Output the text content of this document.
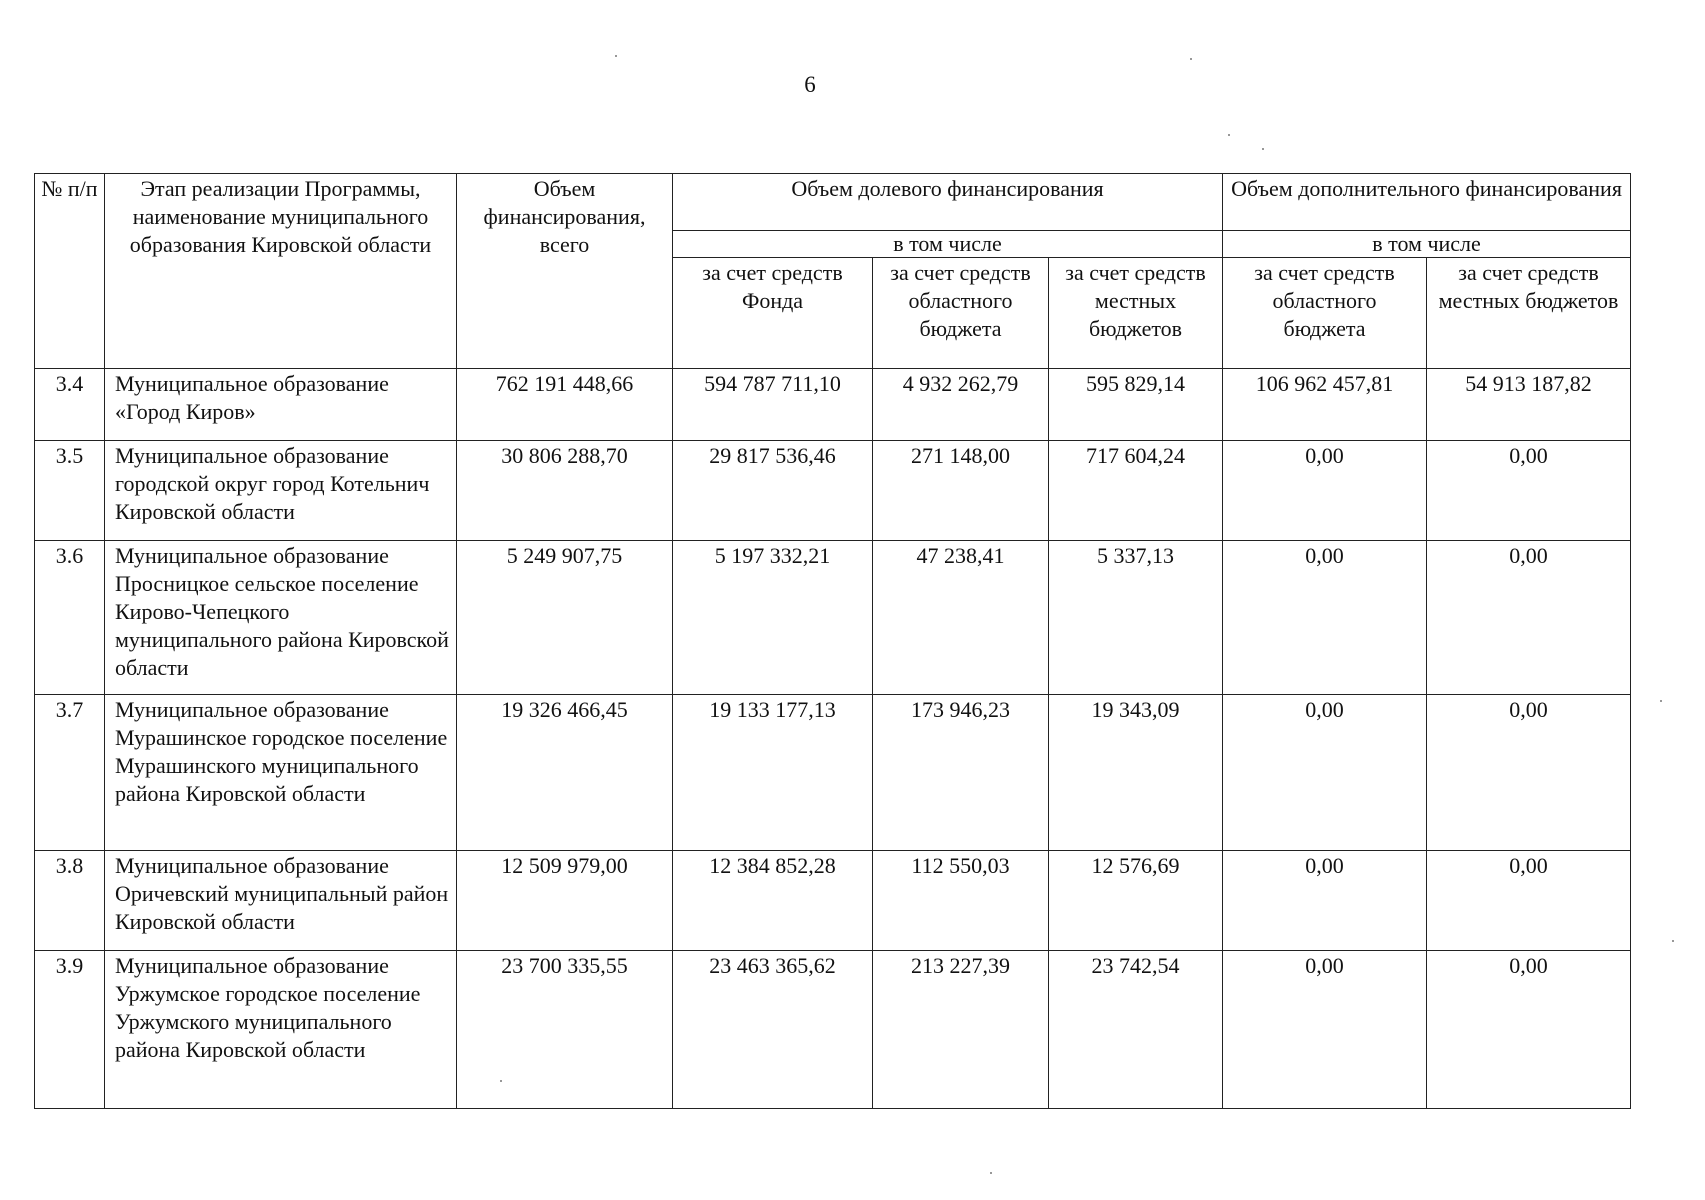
6
№ п/п	Этап реализации Программы, наименование муниципального образования Кировской области	Объем финансирования, всего	Объем долевого финансирования			Объем дополнительного финансирования	
			в том числе			в том числе	
			за счет средств Фонда	за счет средств областного бюджета	за счет средств местных бюджетов	за счет средств областного бюджета	за счет средств местных бюджетов
3.4	Муниципальное образование «Город Киров»	762 191 448,66	594 787 711,10	4 932 262,79	595 829,14	106 962 457,81	54 913 187,82
3.5	Муниципальное образование городской округ город Котельнич Кировской области	30 806 288,70	29 817 536,46	271 148,00	717 604,24	0,00	0,00
3.6	Муниципальное образование Просницкое сельское поселение Кирово-Чепецкого муниципального района Кировской области	5 249 907,75	5 197 332,21	47 238,41	5 337,13	0,00	0,00
3.7	Муниципальное образование Мурашинское городское поселение Мурашинского муниципального района Кировской области	19 326 466,45	19 133 177,13	173 946,23	19 343,09	0,00	0,00
3.8	Муниципальное образование Оричевский муниципальный район Кировской области	12 509 979,00	12 384 852,28	112 550,03	12 576,69	0,00	0,00
3.9	Муниципальное образование Уржумское городское поселение Уржумского муниципального района Кировской области	23 700 335,55	23 463 365,62	213 227,39	23 742,54	0,00	0,00
